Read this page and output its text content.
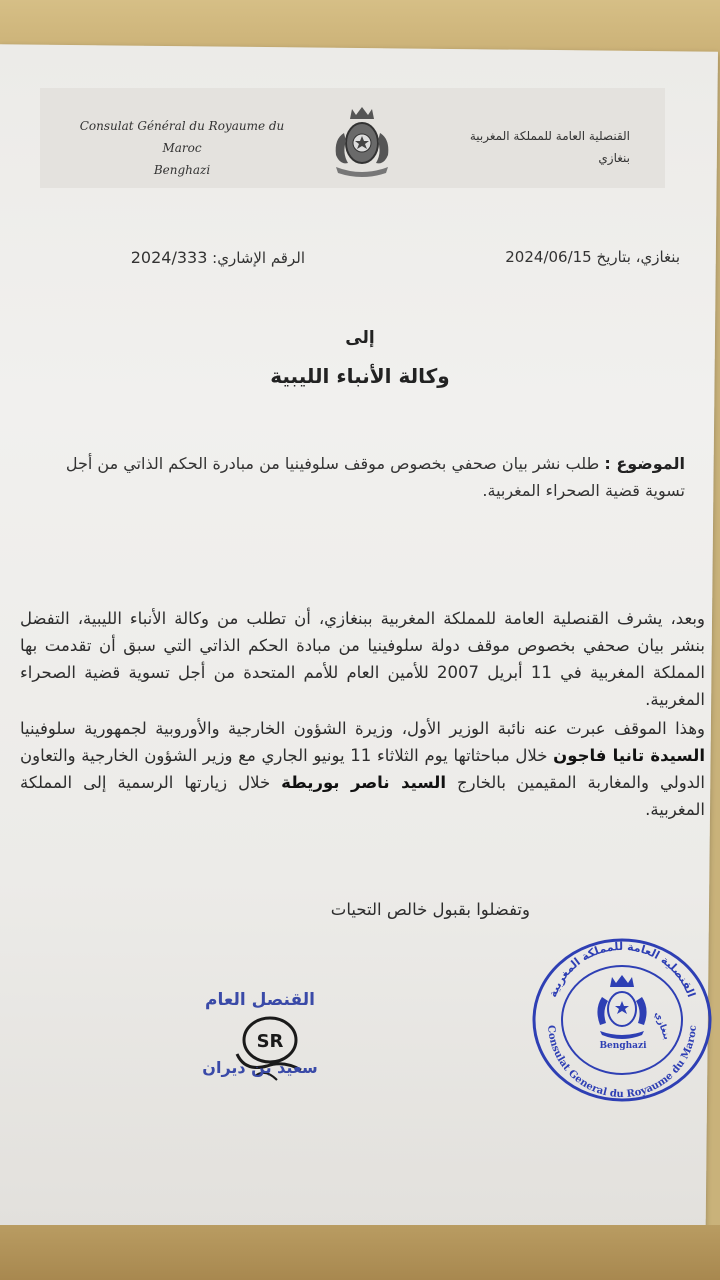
Consulat Général du Royaume du Maroc
Benghazi
القنصلية العامة للمملكة المغربية
بنغازي
الرقم الإشاري: 2024/333	بنغازي، بتاريخ 2024/06/15
إلى
وكالة الأنباء الليبية
الموضوع : طلب نشر بيان صحفي بخصوص موقف سلوفينيا من مبادرة الحكم الذاتي من أجل تسوية قضية الصحراء المغربية.
وبعد، يشرف القنصلية العامة للمملكة المغربية ببنغازي، أن تطلب من وكالة الأنباء الليبية، التفضل بنشر بيان صحفي بخصوص موقف دولة سلوفينيا من مبادة الحكم الذاتي التي سبق أن تقدمت بها المملكة المغربية في 11 أبريل 2007 للأمين العام للأمم المتحدة من أجل تسوية قضية الصحراء المغربية.
وهذا الموقف عبرت عنه نائبة الوزير الأول، وزيرة الشؤون الخارجية والأوروبية لجمهورية سلوفينيا السيدة تانيا فاجون خلال مباحثاتها يوم الثلاثاء 11 يونيو الجاري مع وزير الشؤون الخارجية والتعاون الدولي والمغاربة المقيمين بالخارج السيد ناصر بوريطة خلال زيارتها الرسمية إلى المملكة المغربية.
وتفضلوا بقبول خالص التحيات
القنصل العام
SR
سعيد بن ديران
القنصلية العامة للمملكة المغربية
Consulat General du Royaume du Maroc
بنغازي
Benghazi
